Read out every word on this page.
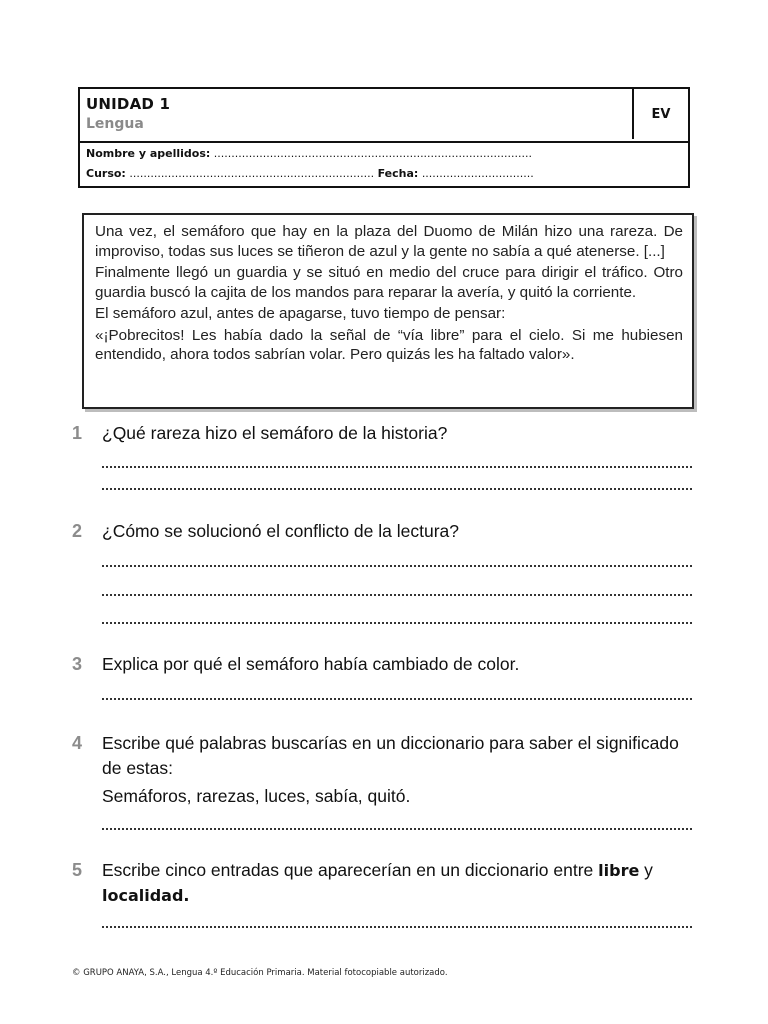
UNIDAD 1
Lengua
EV
Nombre y apellidos: ...........................................................................................
Curso: ...................................................................... Fecha: ................................

Una vez, el semáforo que hay en la plaza del Duomo de Milán hizo una rareza. De improviso, todas sus luces se tiñeron de azul y la gente no sabía a qué atenerse. [...]

Finalmente llegó un guardia y se situó en medio del cruce para dirigir el tráfico. Otro guardia buscó la cajita de los mandos para reparar la avería, y quitó la corriente.

El semáforo azul, antes de apagarse, tuvo tiempo de pensar:

«¡Pobrecitos! Les había dado la señal de “vía libre” para el cielo. Si me hubiesen entendido, ahora todos sabrían volar. Pero quizás les ha faltado valor».

1 ¿Qué rareza hizo el semáforo de la historia?
2 ¿Cómo se solucionó el conflicto de la lectura?
3 Explica por qué el semáforo había cambiado de color.
4 Escribe qué palabras buscarías en un diccionario para saber el significado de estas:
Semáforos, rarezas, luces, sabía, quitó.
5 Escribe cinco entradas que aparecerían en un diccionario entre libre y localidad.
© GRUPO ANAYA, S.A., Lengua 4.º Educación Primaria. Material fotocopiable autorizado.
